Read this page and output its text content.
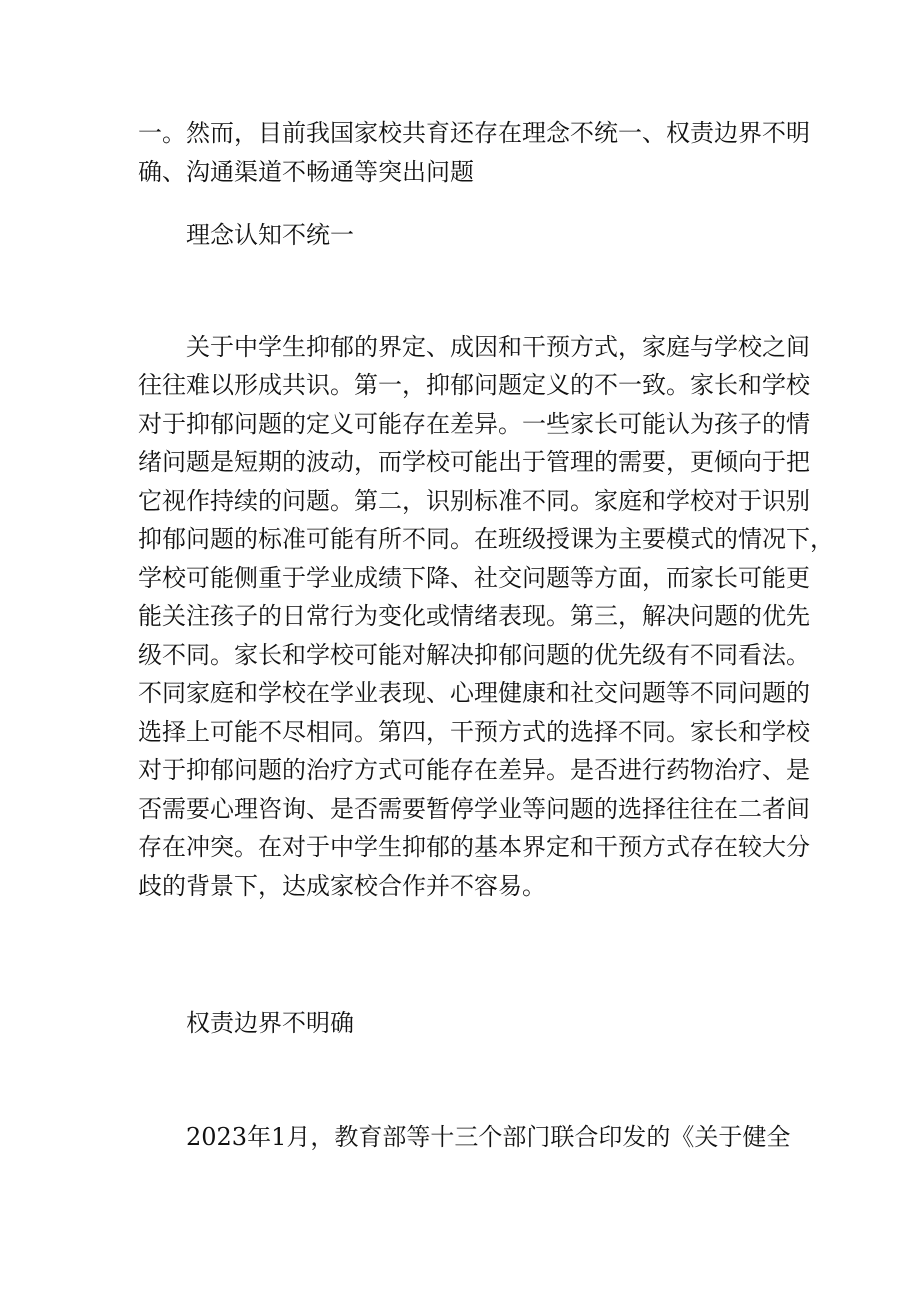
一。然而，目前我国家校共育还存在理念不统一、权责边界不明
确、沟通渠道不畅通等突出问题
理念认知不统一
关于中学生抑郁的界定、成因和干预方式，家庭与学校之间
往往难以形成共识。第一，抑郁问题定义的不一致。家长和学校
对于抑郁问题的定义可能存在差异。一些家长可能认为孩子的情
绪问题是短期的波动，而学校可能出于管理的需要，更倾向于把
它视作持续的问题。第二，识别标准不同。家庭和学校对于识别
抑郁问题的标准可能有所不同。在班级授课为主要模式的情况下，
学校可能侧重于学业成绩下降、社交问题等方面，而家长可能更
能关注孩子的日常行为变化或情绪表现。第三，解决问题的优先
级不同。家长和学校可能对解决抑郁问题的优先级有不同看法。
不同家庭和学校在学业表现、心理健康和社交问题等不同问题的
选择上可能不尽相同。第四，干预方式的选择不同。家长和学校
对于抑郁问题的治疗方式可能存在差异。是否进行药物治疗、是
否需要心理咨询、是否需要暂停学业等问题的选择往往在二者间
存在冲突。在对于中学生抑郁的基本界定和干预方式存在较大分
歧的背景下，达成家校合作并不容易。
权责边界不明确
2023年1月，教育部等十三个部门联合印发的《关于健全
